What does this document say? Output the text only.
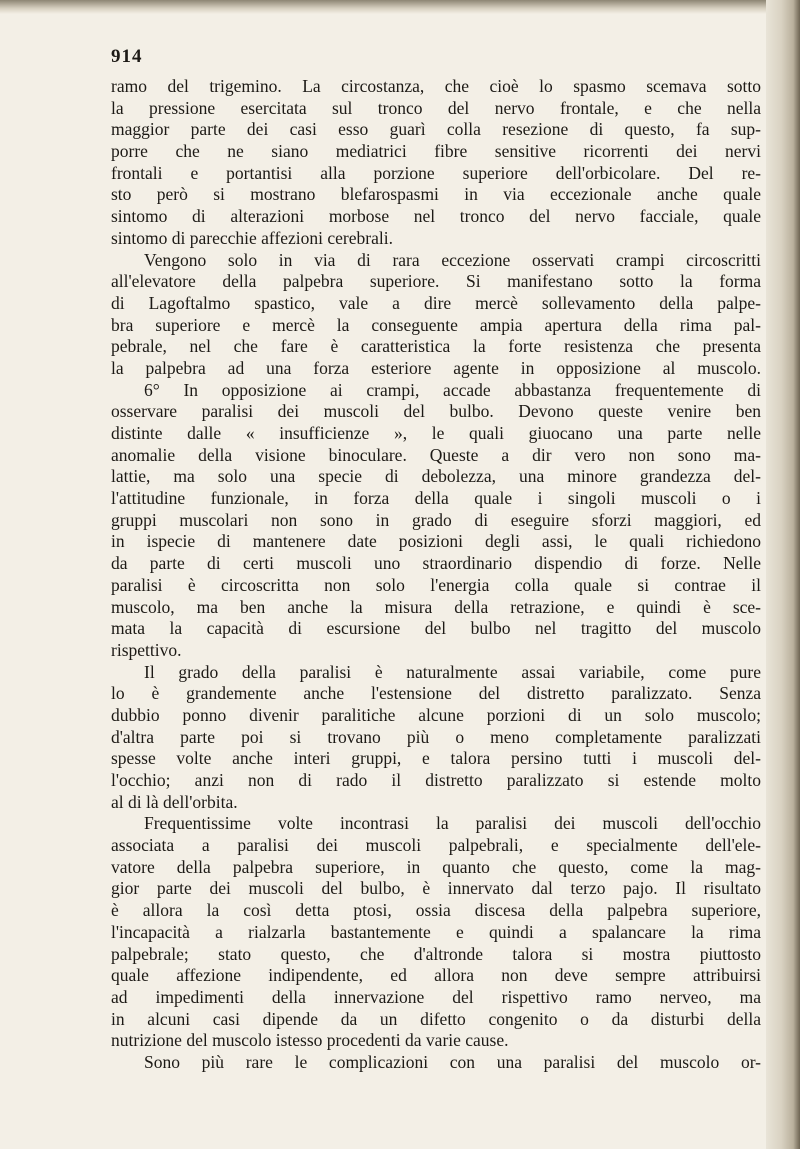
914
ramo del trigemino. La circostanza, che cioè lo spasmo scemava sotto
la pressione esercitata sul tronco del nervo frontale, e che nella
maggior parte dei casi esso guarì colla resezione di questo, fa sup-
porre che ne siano mediatrici fibre sensitive ricorrenti dei nervi
frontali e portantisi alla porzione superiore dell'orbicolare. Del re-
sto però si mostrano blefarospasmi in via eccezionale anche quale
sintomo di alterazioni morbose nel tronco del nervo facciale, quale
sintomo di parecchie affezioni cerebrali.
Vengono solo in via di rara eccezione osservati crampi circoscritti
all'elevatore della palpebra superiore. Si manifestano sotto la forma
di Lagoftalmo spastico, vale a dire mercè sollevamento della palpe-
bra superiore e mercè la conseguente ampia apertura della rima pal-
pebrale, nel che fare è caratteristica la forte resistenza che presenta
la palpebra ad una forza esteriore agente in opposizione al muscolo.
6° In opposizione ai crampi, accade abbastanza frequentemente di
osservare paralisi dei muscoli del bulbo. Devono queste venire ben
distinte dalle « insufficienze », le quali giuocano una parte nelle
anomalie della visione binoculare. Queste a dir vero non sono ma-
lattie, ma solo una specie di debolezza, una minore grandezza del-
l'attitudine funzionale, in forza della quale i singoli muscoli o i
gruppi muscolari non sono in grado di eseguire sforzi maggiori, ed
in ispecie di mantenere date posizioni degli assi, le quali richiedono
da parte di certi muscoli uno straordinario dispendio di forze. Nelle
paralisi è circoscritta non solo l'energia colla quale si contrae il
muscolo, ma ben anche la misura della retrazione, e quindi è sce-
mata la capacità di escursione del bulbo nel tragitto del muscolo
rispettivo.
Il grado della paralisi è naturalmente assai variabile, come pure
lo è grandemente anche l'estensione del distretto paralizzato. Senza
dubbio ponno divenir paralitiche alcune porzioni di un solo muscolo;
d'altra parte poi si trovano più o meno completamente paralizzati
spesse volte anche interi gruppi, e talora persino tutti i muscoli del-
l'occhio; anzi non di rado il distretto paralizzato si estende molto
al di là dell'orbita.
Frequentissime volte incontrasi la paralisi dei muscoli dell'occhio
associata a paralisi dei muscoli palpebrali, e specialmente dell'ele-
vatore della palpebra superiore, in quanto che questo, come la mag-
gior parte dei muscoli del bulbo, è innervato dal terzo pajo. Il risultato
è allora la così detta ptosi, ossia discesa della palpebra superiore,
l'incapacità a rialzarla bastantemente e quindi a spalancare la rima
palpebrale; stato questo, che d'altronde talora si mostra piuttosto
quale affezione indipendente, ed allora non deve sempre attribuirsi
ad impedimenti della innervazione del rispettivo ramo nerveo, ma
in alcuni casi dipende da un difetto congenito o da disturbi della
nutrizione del muscolo istesso procedenti da varie cause.
Sono più rare le complicazioni con una paralisi del muscolo or-
